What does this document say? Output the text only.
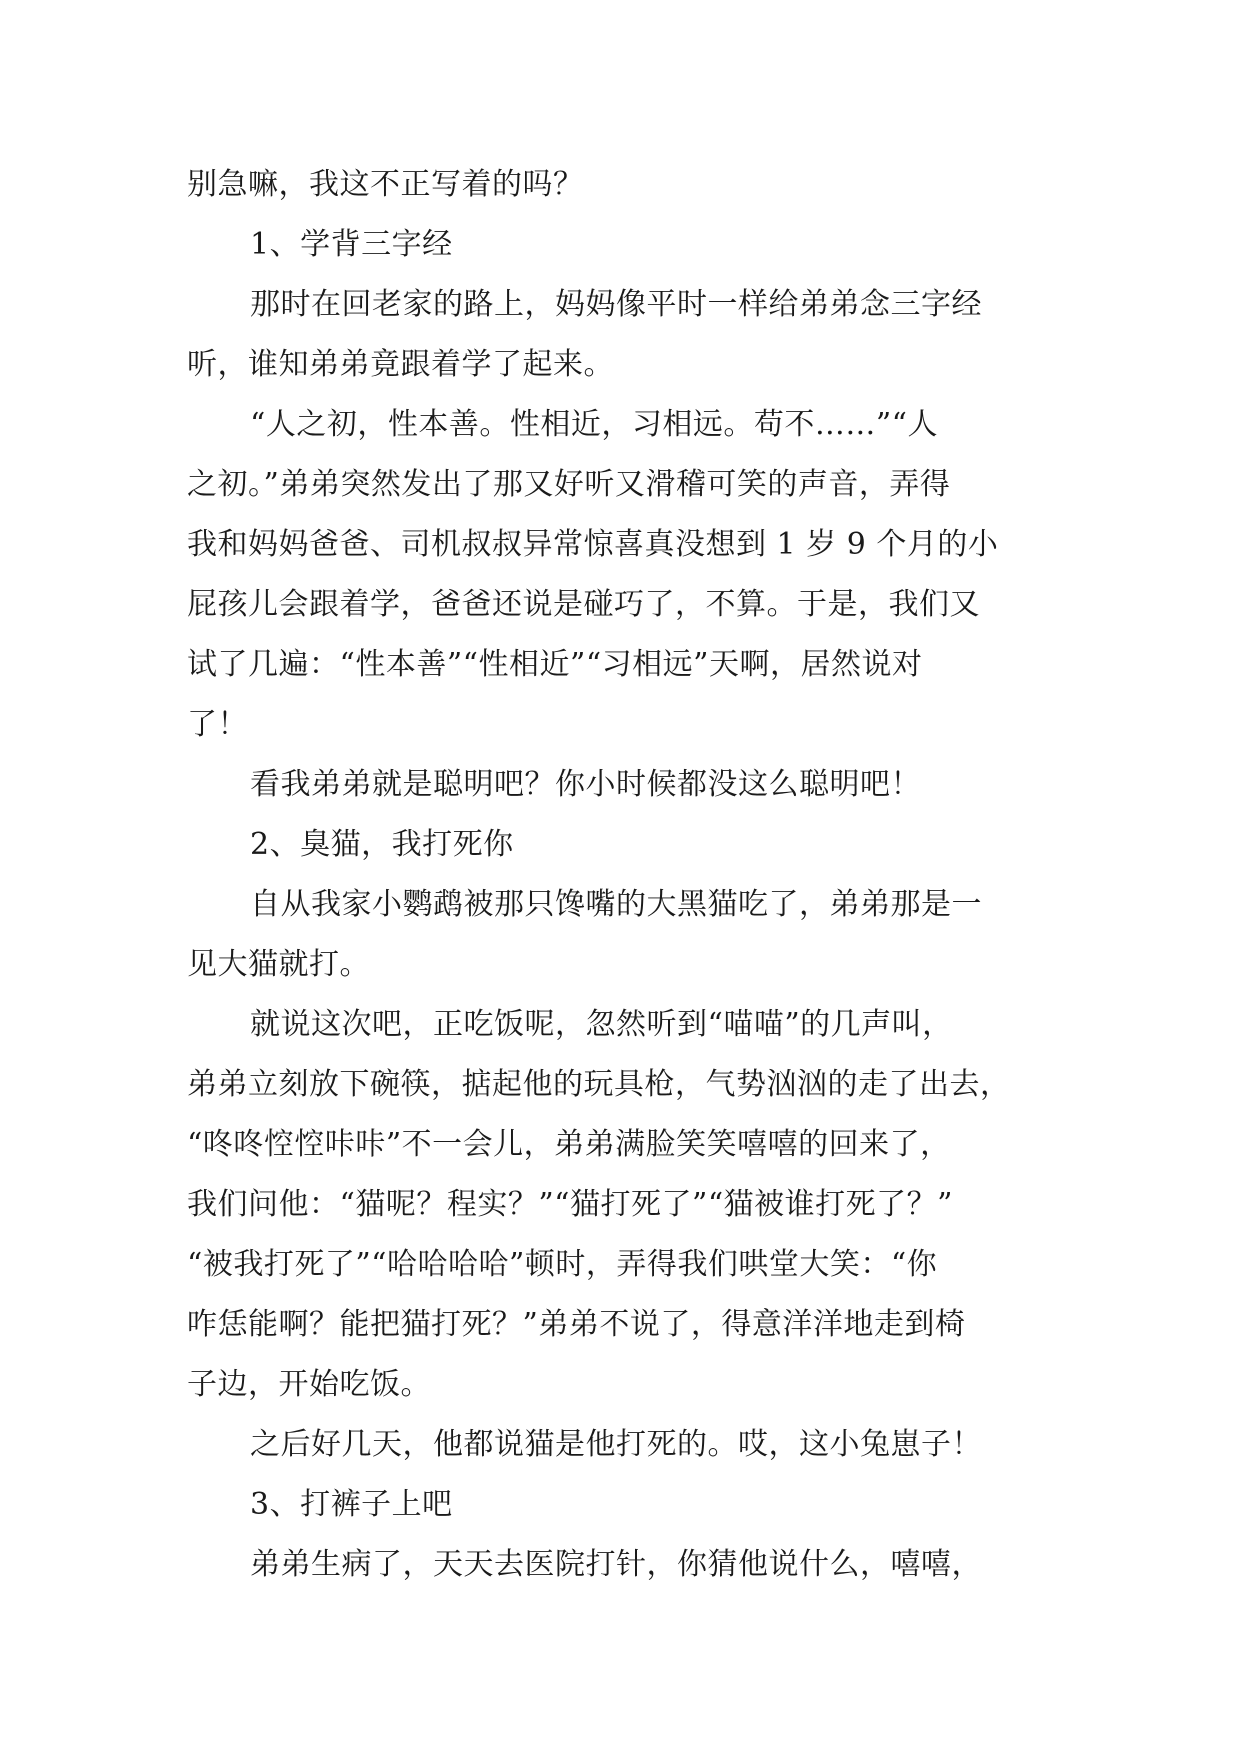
别急嘛，我这不正写着的吗？
1、学背三字经
那时在回老家的路上，妈妈像平时一样给弟弟念三字经
听，谁知弟弟竟跟着学了起来。
“人之初，性本善。性相近，习相远。苟不……”“人
之初。”弟弟突然发出了那又好听又滑稽可笑的声音，弄得
我和妈妈爸爸、司机叔叔异常惊喜真没想到 1 岁 9 个月的小
屁孩儿会跟着学，爸爸还说是碰巧了，不算。于是，我们又
试了几遍：“性本善”“性相近”“习相远”天啊，居然说对
了！
看我弟弟就是聪明吧？你小时候都没这么聪明吧！
2、臭猫，我打死你
自从我家小鹦鹉被那只馋嘴的大黑猫吃了，弟弟那是一
见大猫就打。
就说这次吧，正吃饭呢，忽然听到“喵喵”的几声叫，
弟弟立刻放下碗筷，掂起他的玩具枪，气势汹汹的走了出去，
“咚咚悾悾咔咔”不一会儿，弟弟满脸笑笑嘻嘻的回来了，
我们问他：“猫呢？程实？”“猫打死了”“猫被谁打死了？”
“被我打死了”“哈哈哈哈”顿时，弄得我们哄堂大笑：“你
咋恁能啊？能把猫打死？”弟弟不说了，得意洋洋地走到椅
子边，开始吃饭。
之后好几天，他都说猫是他打死的。哎，这小兔崽子！
3、打裤子上吧
弟弟生病了，天天去医院打针，你猜他说什么，嘻嘻，
